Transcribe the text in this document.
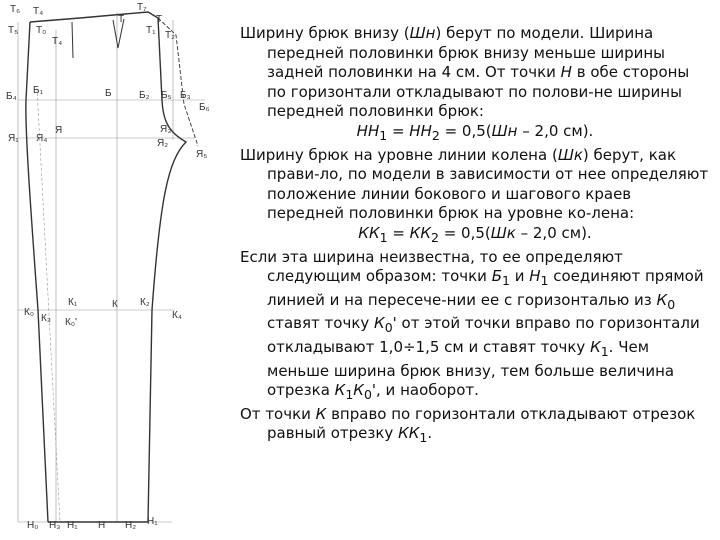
Т₆ Т₄	Т₇
Т
Т₅ Т₀
Т
Т₁ Т₂
Т₄
Б₄
Б₁	Б	Б₂ Б₅ Б₃
Б₆
Я₁ Я₄
Я	Я₃
Я₂
Я₅
К₁	К К₂
К₀
К₃	К₄
К₀'
Н₀ Н₃ Н₁ Н Н₂ Н₁

Ширину брюк внизу (Шн) берут по модели. Ширина передней половинки брюк внизу меньше ширины задней половинки на 4 см. От точки Н в обе стороны по горизонтали откладывают по полови-не ширины передней половинки брюк:

$НН_1 = НН_2 = 0,5(Шн - 2,0$ см).

Ширину брюк на уровне линии колена (Шк) берут, как прави-ло, по модели в зависимости от нее определяют положение линии бокового и шагового краев передней половинки брюк на уровне ко-лена:

$КК_1 = КК_2 = 0,5(Шк - 2,0$ см).

Если эта ширина неизвестна, то ее определяют следующим образом: точки $Б_1$ и $Н_1$ соединяют прямой линией и на пересече-нии ее с горизонталью из $К_0$ ставят точку $К_0'$ от этой точки вправо по горизонтали откладывают 1,0÷1,5 см и ставят точку $К_1$. Чем меньше ширина брюк внизу, тем больше величина отрезка $К_1К_0'$, и наоборот.

От точки К вправо по горизонтали откладывают отрезок равный отрезку $КК_1$.
